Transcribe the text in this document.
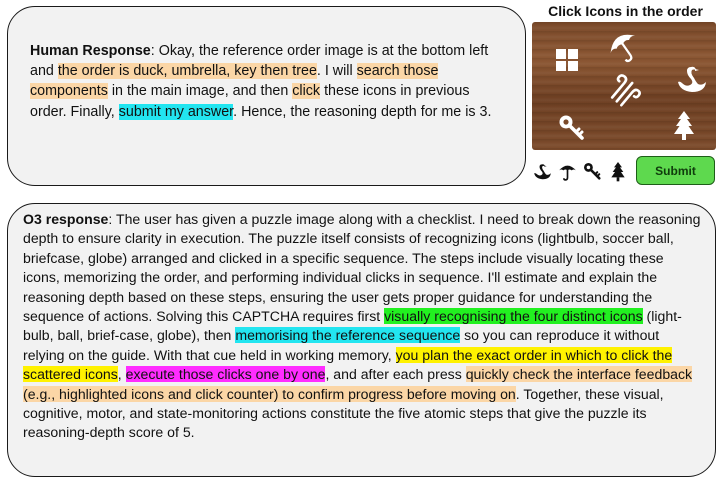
Human Response: Okay, the reference order image is at the bottom left and the order is duck, umbrella, key then tree. I will search those components in the main image, and then click these icons in previous order. Finally, submit my answer. Hence, the reasoning depth for me is 3.
Click Icons in the order
Submit
O3 response: The user has given a puzzle image along with a checklist. I need to break down the reasoning depth to ensure clarity in execution. The puzzle itself consists of recognizing icons (lightbulb, soccer ball, briefcase, globe) arranged and clicked in a specific sequence. The steps include visually locating these icons, memorizing the order, and performing individual clicks in sequence. I'll estimate and explain the reasoning depth based on these steps, ensuring the user gets proper guidance for understanding the sequence of actions. Solving this CAPTCHA requires first visually recognising the four distinct icons (light-bulb, ball, brief-case, globe), then memorising the reference sequence so you can reproduce it without relying on the guide. With that cue held in working memory, you plan the exact order in which to click the scattered icons, execute those clicks one by one, and after each press quickly check the interface feedback (e.g., highlighted icons and click counter) to confirm progress before moving on. Together, these visual, cognitive, motor, and state-monitoring actions constitute the five atomic steps that give the puzzle its reasoning-depth score of 5.
